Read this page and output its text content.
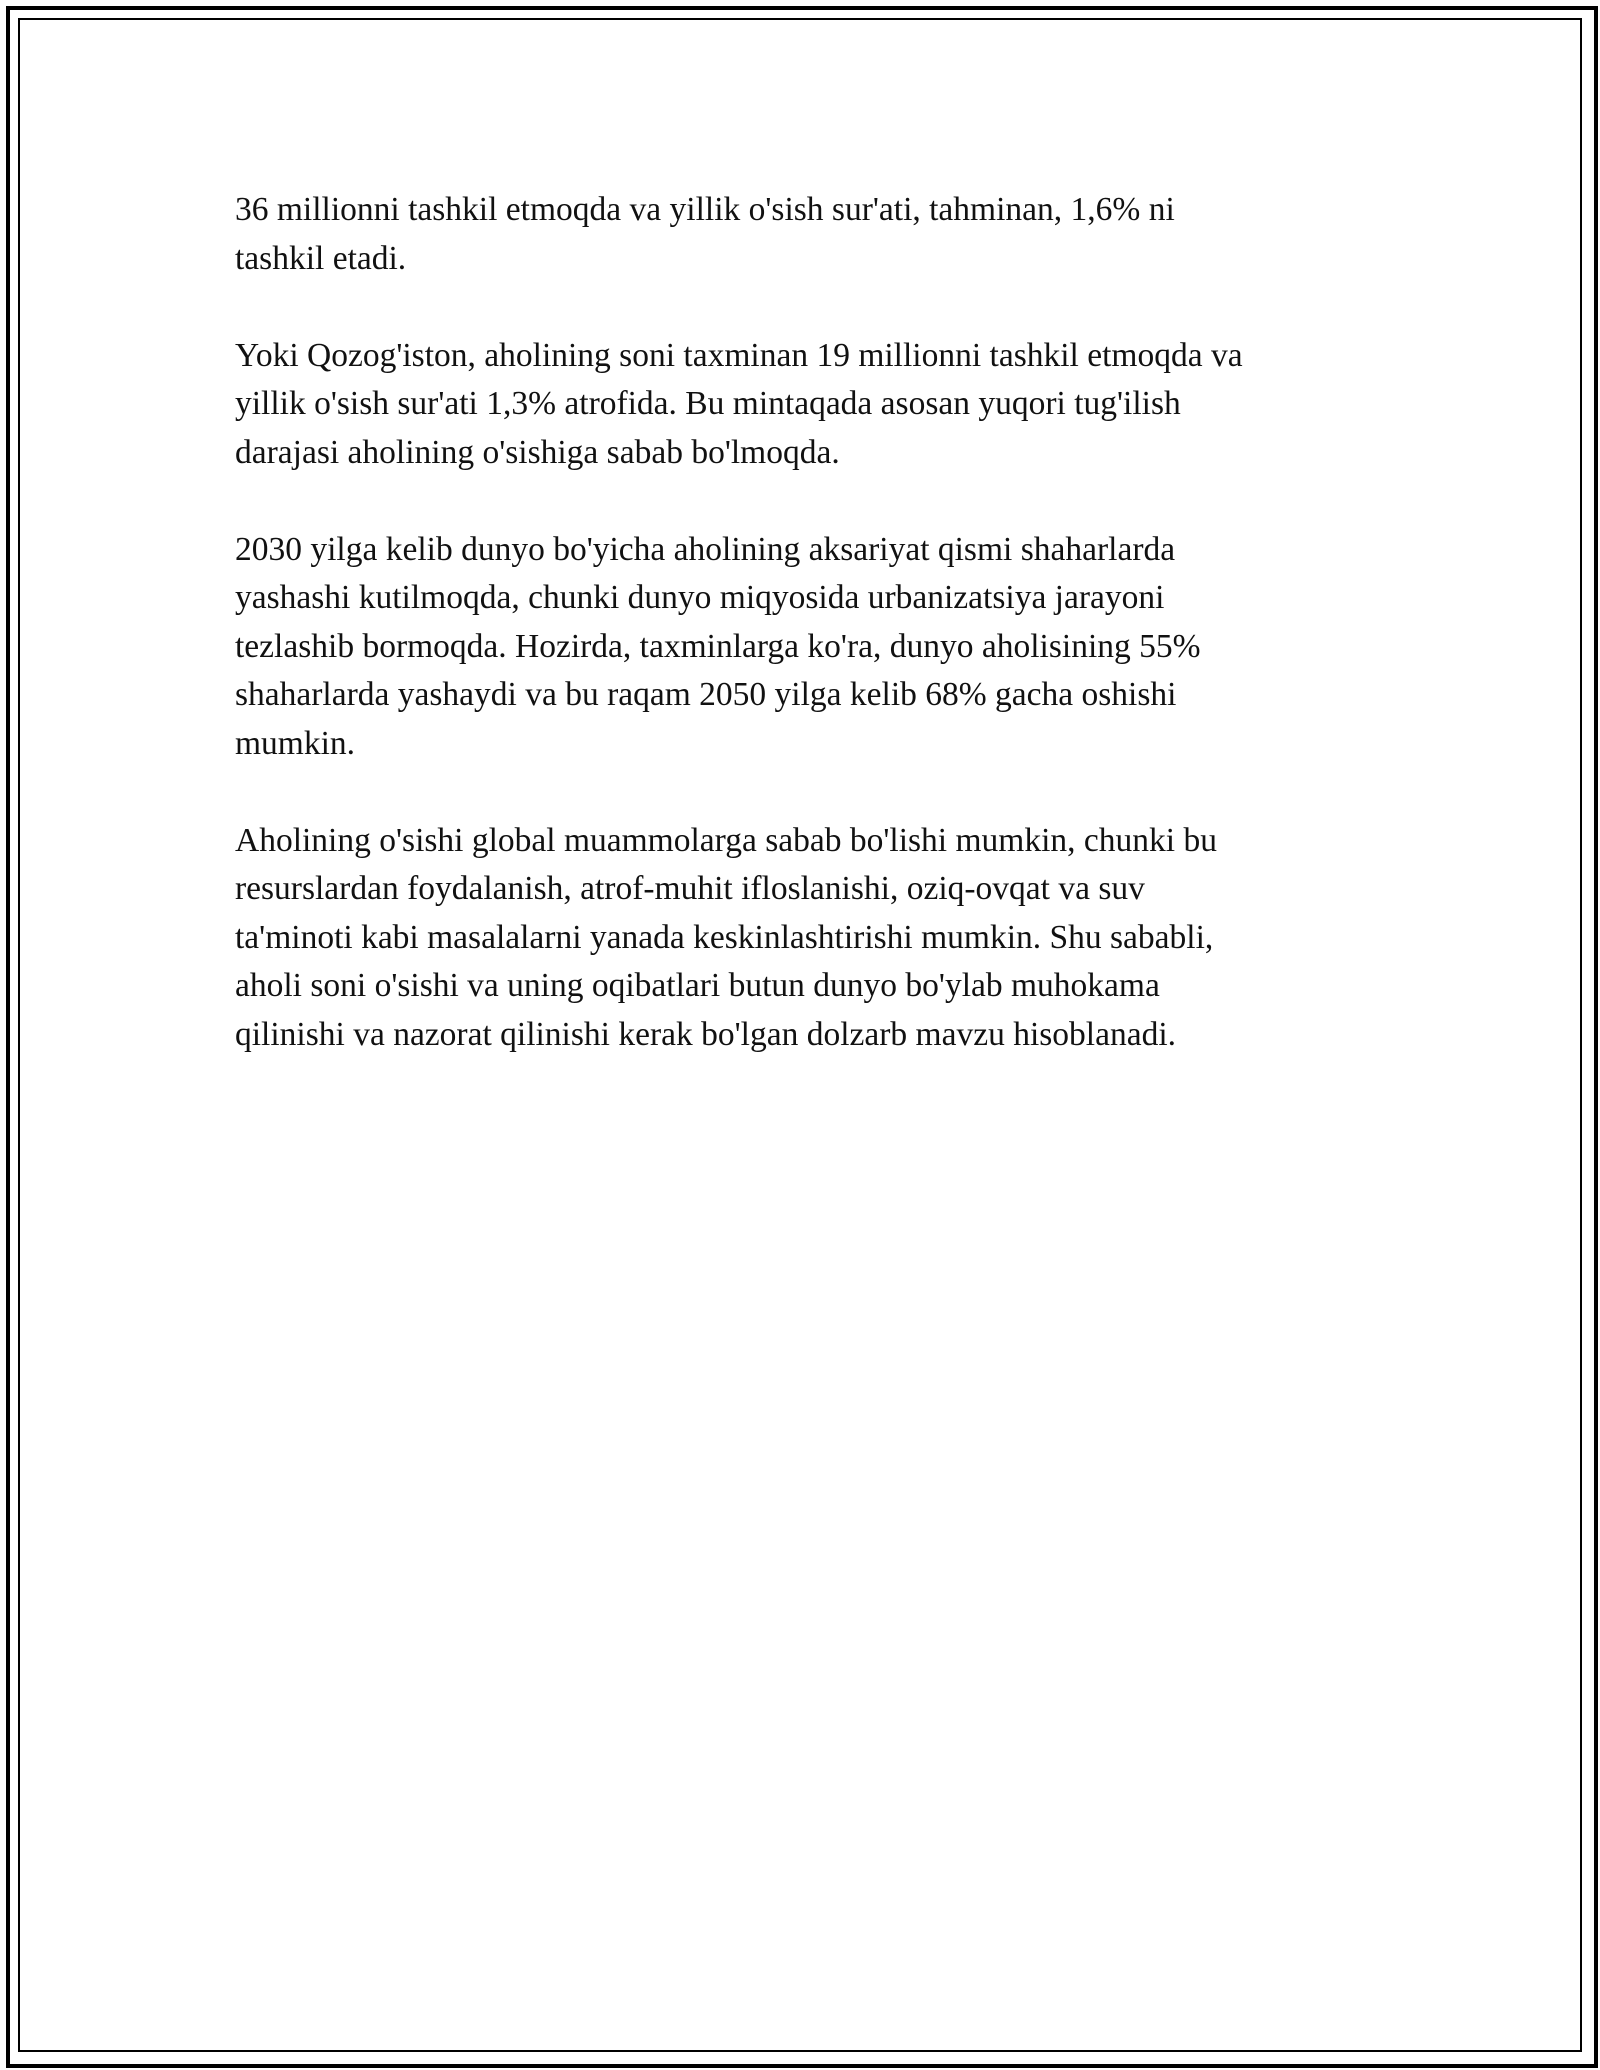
36 millionni tashkil etmoqda va yillik o'sish sur'ati, tahminan, 1,6% ni
tashkil etadi.

Yoki Qozog'iston, aholining soni taxminan 19 millionni tashkil etmoqda va
yillik o'sish sur'ati 1,3% atrofida. Bu mintaqada asosan yuqori tug'ilish
darajasi aholining o'sishiga sabab bo'lmoqda.

2030 yilga kelib dunyo bo'yicha aholining aksariyat qismi shaharlarda
yashashi kutilmoqda, chunki dunyo miqyosida urbanizatsiya jarayoni
tezlashib bormoqda. Hozirda, taxminlarga ko'ra, dunyo aholisining 55%
shaharlarda yashaydi va bu raqam 2050 yilga kelib 68% gacha oshishi
mumkin.

Aholining o'sishi global muammolarga sabab bo'lishi mumkin, chunki bu
resurslardan foydalanish, atrof-muhit ifloslanishi, oziq-ovqat va suv
ta'minoti kabi masalalarni yanada keskinlashtirishi mumkin. Shu sababli,
aholi soni o'sishi va uning oqibatlari butun dunyo bo'ylab muhokama
qilinishi va nazorat qilinishi kerak bo'lgan dolzarb mavzu hisoblanadi.
